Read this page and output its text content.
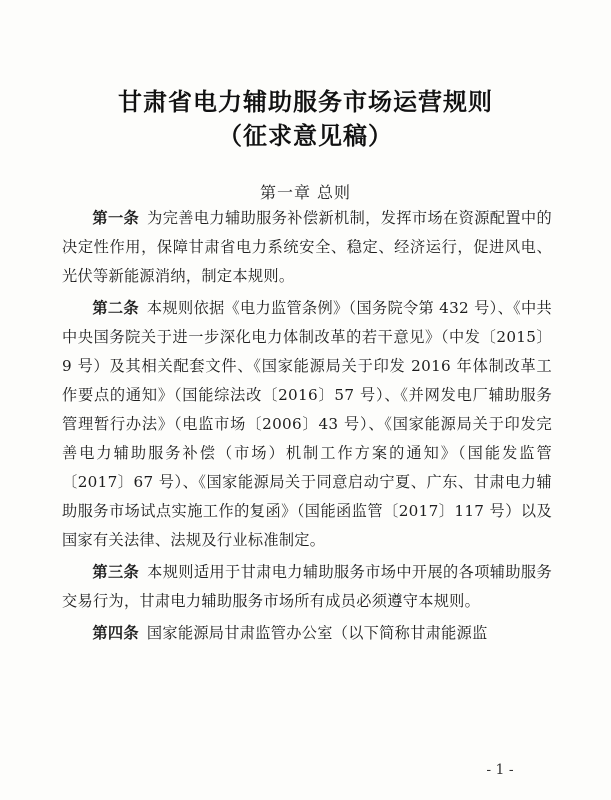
甘肃省电力辅助服务市场运营规则
（征求意见稿）
第一章 总则

第一条 为完善电力辅助服务补偿新机制，发挥市场在资源配置中的决定性作用，保障甘肃省电力系统安全、稳定、经济运行，促进风电、光伏等新能源消纳，制定本规则。

第二条 本规则依据《电力监管条例》（国务院令第 432 号）、《中共中央国务院关于进一步深化电力体制改革的若干意见》（中发〔2015〕9 号）及其相关配套文件、《国家能源局关于印发 2016 年体制改革工作要点的通知》（国能综法改〔2016〕57 号）、《并网发电厂辅助服务管理暂行办法》（电监市场〔2006〕43 号）、《国家能源局关于印发完善电力辅助服务补偿（市场）机制工作方案的通知》（国能发监管〔2017〕67 号）、《国家能源局关于同意启动宁夏、广东、甘肃电力辅助服务市场试点实施工作的复函》（国能函监管〔2017〕117 号）以及国家有关法律、法规及行业标准制定。

第三条 本规则适用于甘肃电力辅助服务市场中开展的各项辅助服务交易行为，甘肃电力辅助服务市场所有成员必须遵守本规则。

第四条 国家能源局甘肃监管办公室（以下简称甘肃能源监

- 1 -
